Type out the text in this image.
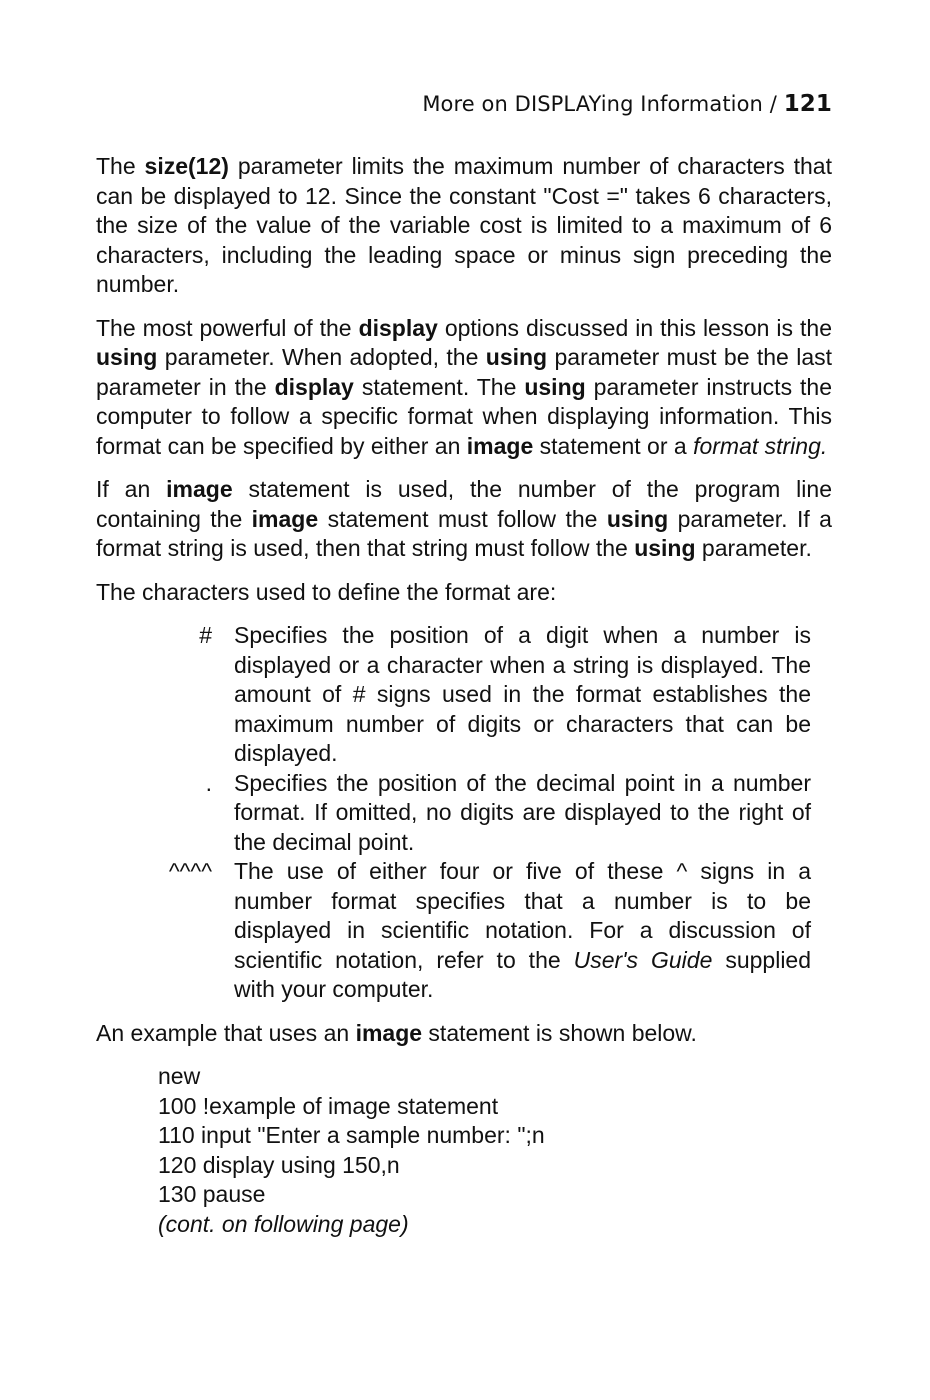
More on DISPLAYing Information / 121

The size(12) parameter limits the maximum number of characters that can be displayed to 12. Since the constant "Cost =" takes 6 characters, the size of the value of the variable cost is limited to a maximum of 6 characters, including the leading space or minus sign preceding the number.

The most powerful of the display options discussed in this lesson is the using parameter. When adopted, the using parameter must be the last parameter in the display statement. The using parameter instructs the computer to follow a specific format when displaying information. This format can be specified by either an image statement or a format string.

If an image statement is used, the number of the program line containing the image statement must follow the using parameter. If a format string is used, then that string must follow the using parameter.

The characters used to define the format are:

# Specifies the position of a digit when a number is displayed or a character when a string is displayed. The amount of # signs used in the format establishes the maximum number of digits or characters that can be displayed.
. Specifies the position of the decimal point in a number format. If omitted, no digits are displayed to the right of the decimal point.
^^^^ The use of either four or five of these ^ signs in a number format specifies that a number is to be displayed in scientific notation. For a discussion of scientific notation, refer to the User's Guide supplied with your computer.

An example that uses an image statement is shown below.

new
100 !example of image statement
110 input "Enter a sample number: ";n
120 display using 150,n
130 pause
(cont. on following page)
